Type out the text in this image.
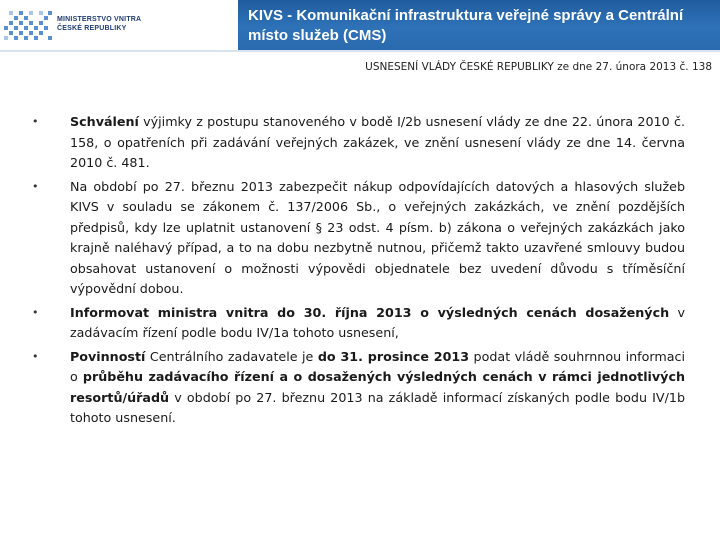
MINISTERSTVO VNITRA
ČESKÉ REPUBLIKY
KIVS - Komunikační infrastruktura veřejné správy a Centrální místo služeb (CMS)
USNESENÍ VLÁDY ČESKÉ REPUBLIKY ze dne 27. února 2013 č. 138
• Schválení výjimky z postupu stanoveného v bodě I/2b usnesení vlády ze dne 22. února 2010 č. 158, o opatřeních při zadávání veřejných zakázek, ve znění usnesení vlády ze dne 14. června 2010 č. 481.
• Na období po 27. březnu 2013 zabezpečit nákup odpovídajících datových a hlasových služeb KIVS v souladu se zákonem č. 137/2006 Sb., o veřejných zakázkách, ve znění pozdějších předpisů, kdy lze uplatnit ustanovení § 23 odst. 4 písm. b) zákona o veřejných zakázkách jako krajně naléhavý případ, a to na dobu nezbytně nutnou, přičemž takto uzavřené smlouvy budou obsahovat ustanovení o možnosti výpovědi objednatele bez uvedení důvodu s tříměsíční výpovědní dobou.
• Informovat ministra vnitra do 30. října 2013 o výsledných cenách dosažených v zadávacím řízení podle bodu IV/1a tohoto usnesení,
• Povinností Centrálního zadavatele je do 31. prosince 2013 podat vládě souhrnnou informaci o průběhu zadávacího řízení a o dosažených výsledných cenách v rámci jednotlivých resortů/úřadů v období po 27. březnu 2013 na základě informací získaných podle bodu IV/1b tohoto usnesení.
